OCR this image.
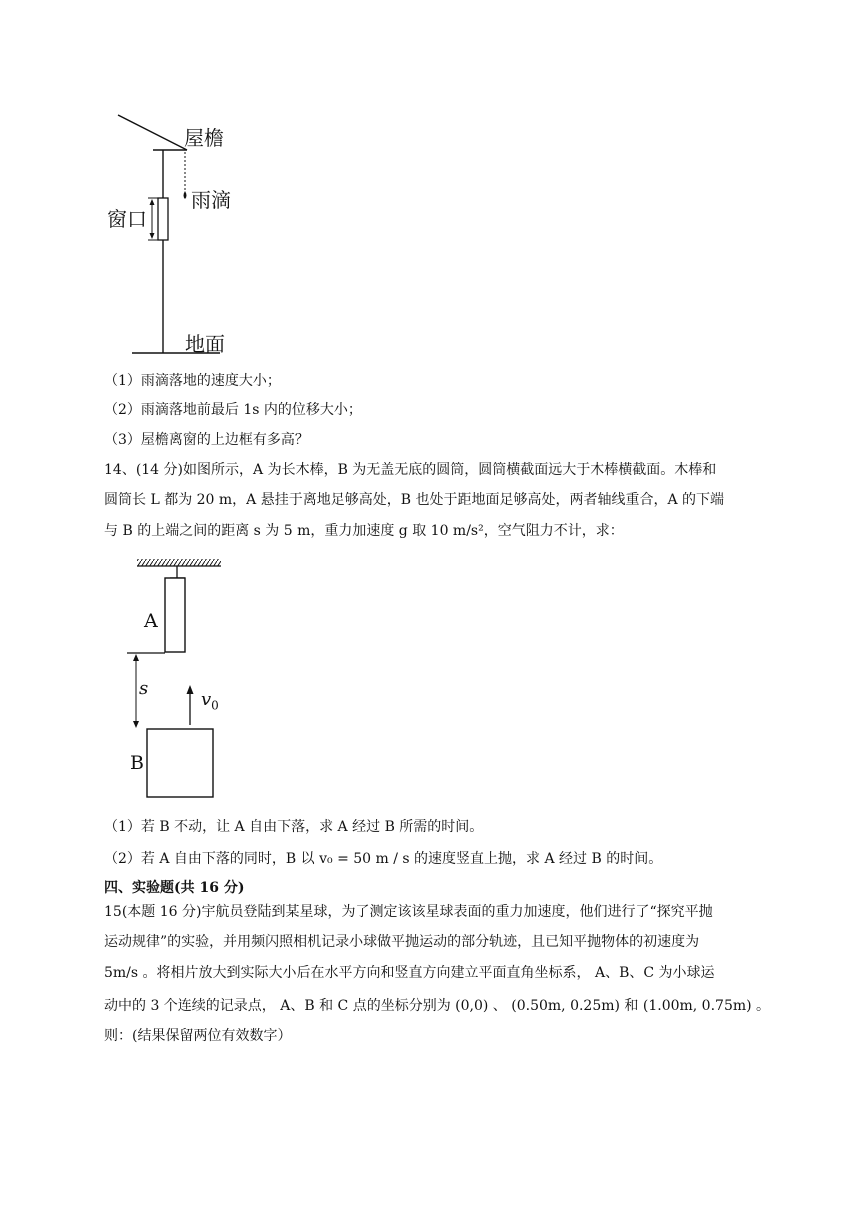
屋檐
雨滴
窗口
地面
（1）雨滴落地的速度大小；
（2）雨滴落地前最后 1s 内的位移大小；
（3）屋檐离窗的上边框有多高？
14、(14 分)如图所示，A 为长木棒，B 为无盖无底的圆筒，圆筒横截面远大于木棒横截面。木棒和
圆筒长 L 都为 20 m，A 悬挂于离地足够高处，B 也处于距地面足够高处，两者轴线重合，A 的下端
与 B 的上端之间的距离 s 为 5 m，重力加速度 g 取 10 m/s²，空气阻力不计，求：
A
s
$v_0$
B
（1）若 B 不动，让 A 自由下落，求 A 经过 B 所需的时间。
（2）若 A 自由下落的同时，B 以 v₀ = 50 m / s 的速度竖直上抛，求 A 经过 B 的时间。
四、实验题(共 16 分)
15(本题 16 分)宇航员登陆到某星球，为了测定该该星球表面的重力加速度，他们进行了“探究平抛
运动规律”的实验，并用频闪照相机记录小球做平抛运动的部分轨迹，且已知平抛物体的初速度为
5m/s 。将相片放大到实际大小后在水平方向和竖直方向建立平面直角坐标系， A、B、C 为小球运
动中的 3 个连续的记录点， A、B 和 C 点的坐标分别为 (0,0) 、 (0.50m, 0.25m) 和 (1.00m, 0.75m) 。
则：(结果保留两位有效数字）
